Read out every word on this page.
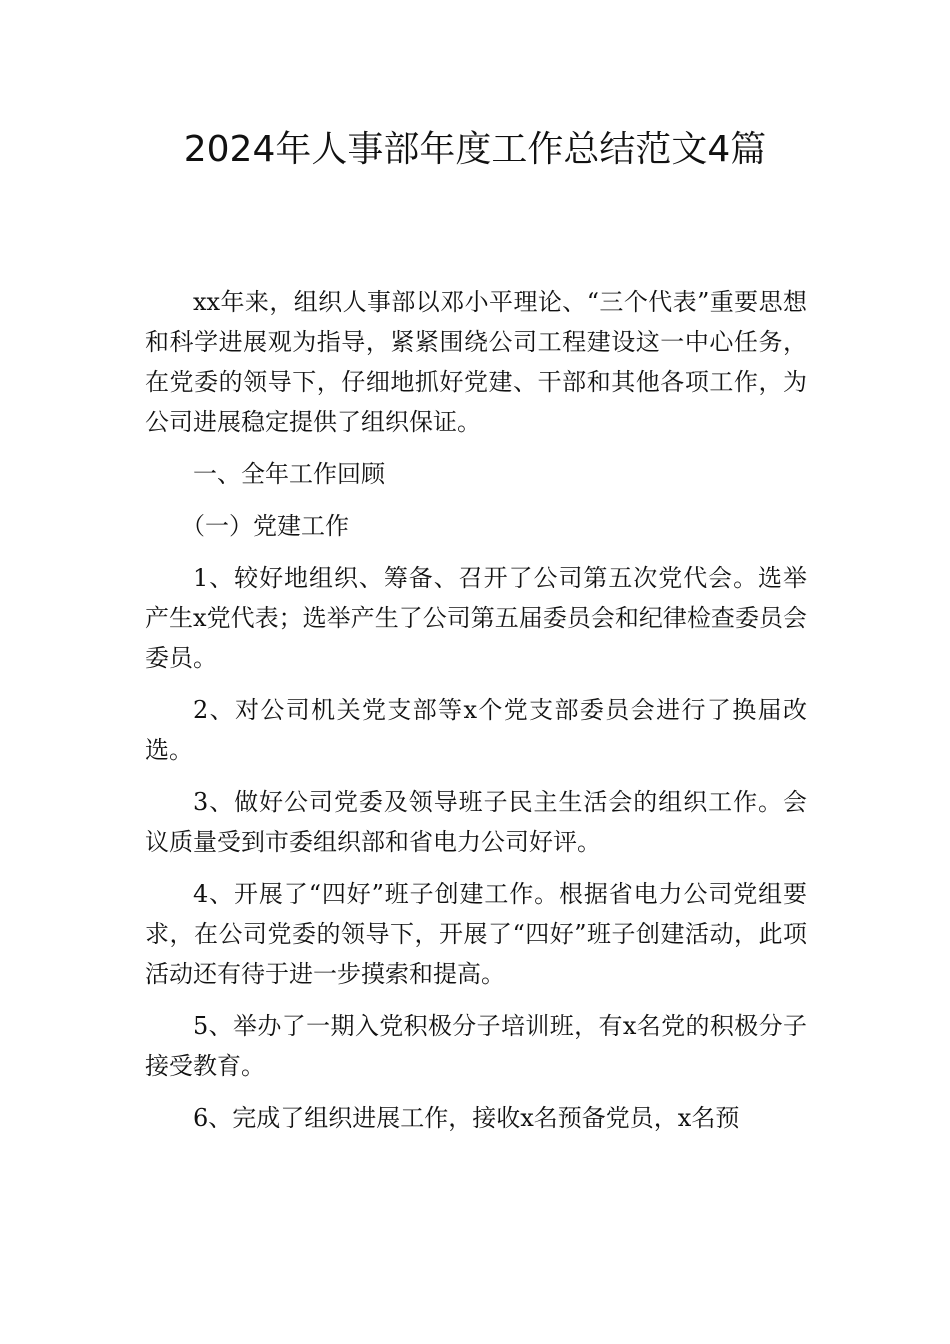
2024年人事部年度工作总结范文4篇

xx年来，组织人事部以邓小平理论、“三个代表”重要思想和科学进展观为指导，紧紧围绕公司工程建设这一中心任务，在党委的领导下，仔细地抓好党建、干部和其他各项工作，为公司进展稳定提供了组织保证。

一、全年工作回顾

（一）党建工作

1、较好地组织、筹备、召开了公司第五次党代会。选举产生x党代表；选举产生了公司第五届委员会和纪律检查委员会委员。

2、对公司机关党支部等x个党支部委员会进行了换届改选。

3、做好公司党委及领导班子民主生活会的组织工作。会议质量受到市委组织部和省电力公司好评。

4、开展了“四好”班子创建工作。根据省电力公司党组要求，在公司党委的领导下，开展了“四好”班子创建活动，此项活动还有待于进一步摸索和提高。

5、举办了一期入党积极分子培训班，有x名党的积极分子接受教育。

6、完成了组织进展工作，接收x名预备党员，x名预
